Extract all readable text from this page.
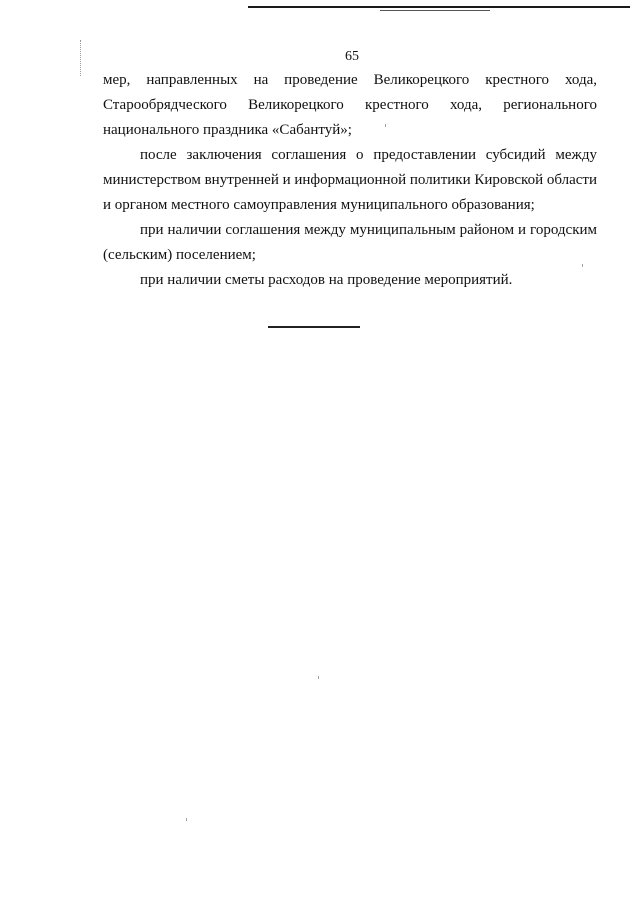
65

мер, направленных на проведение Великорецкого крестного хода,
Старообрядческого Великорецкого крестного хода, регионального
национального праздника «Сабантуй»;

после заключения соглашения о предоставлении субсидий между
министерством внутренней и информационной политики Кировской области
и органом местного самоуправления муниципального образования;

при наличии соглашения между муниципальным районом и городским
(сельским) поселением;

при наличии сметы расходов на проведение мероприятий.
